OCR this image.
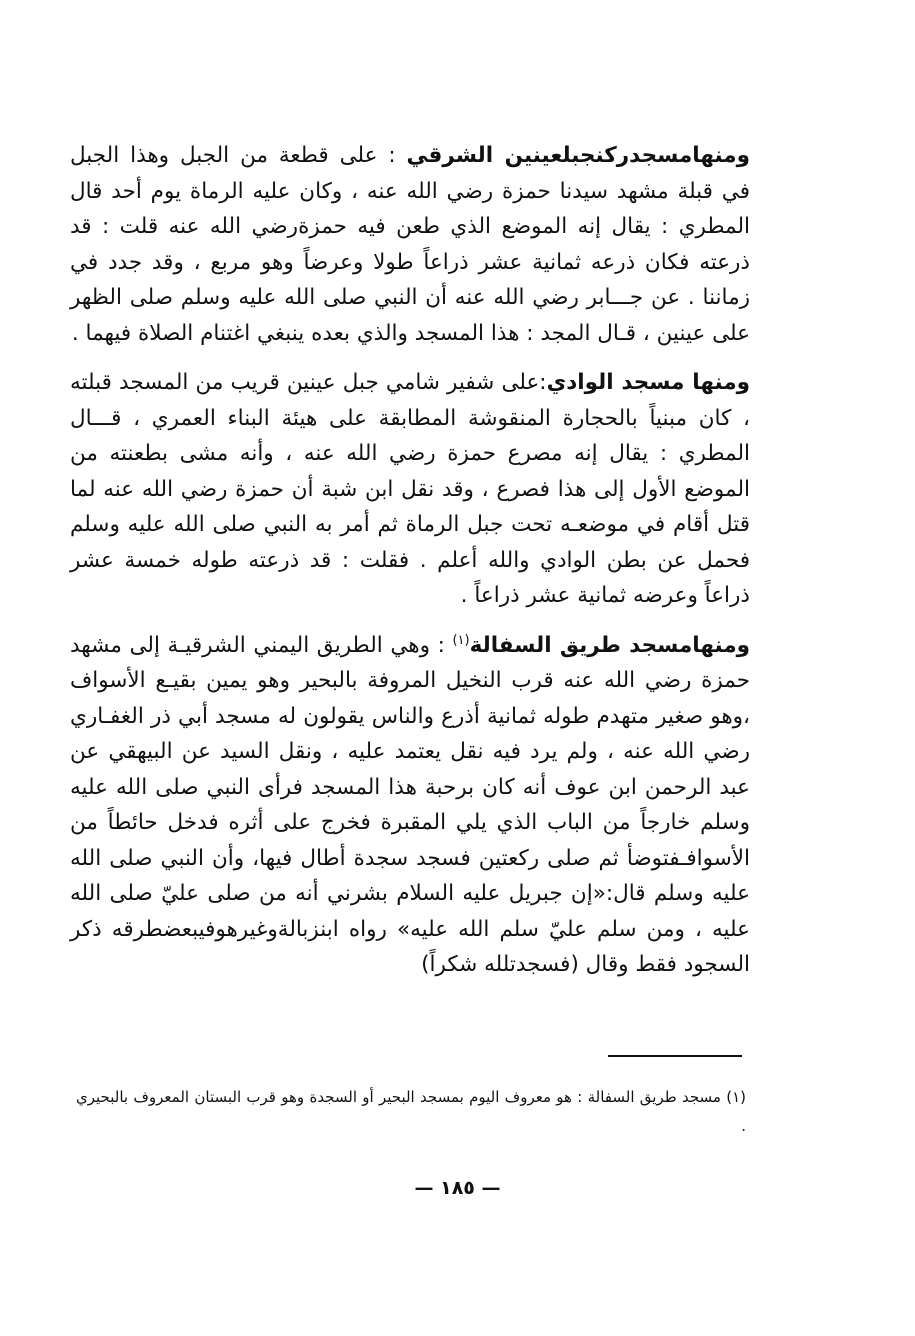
ومنهامسجدركنجبلعينين الشرقي : على قطعة من الجبل وهذا الجبل في قبلة مشهد سيدنا حمزة رضي الله عنه ، وكان عليه الرماة يوم أحد قال المطري : يقال إنه الموضع الذي طعن فيه حمزةرضي الله عنه قلت : قد ذرعته فكان ذرعه ثمانية عشر ذراعاً طولا وعرضاً وهو مربع ، وقد جدد في زماننا . عن جـــابر رضي الله عنه أن النبي صلى الله عليه وسلم صلى الظهر على عينين ، قـال المجد : هذا المسجد والذي بعده ينبغي اغتنام الصلاة فيهما .

ومنها مسجد الوادي:على شفير شامي جبل عينين قريب من المسجد قبلته ، كان مبنياً بالحجارة المنقوشة المطابقة على هيئة البناء العمري ، قـــال المطري : يقال إنه مصرع حمزة رضي الله عنه ، وأنه مشى بطعنته من الموضع الأول إلى هذا فصرع ، وقد نقل ابن شبة أن حمزة رضي الله عنه لما قتل أقام في موضعـه تحت جبل الرماة ثم أمر به النبي صلى الله عليه وسلم فحمل عن بطن الوادي والله أعلم . فقلت : قد ذرعته طوله خمسة عشر ذراعاً وعرضه ثمانية عشر ذراعاً .

ومنهامسجد طريق السفالة$^{(١)}$ : وهي الطريق اليمني الشرقيـة إلى مشهد حمزة رضي الله عنه قرب النخيل المروفة بالبحير وهو يمين بقيـع الأسواف ،وهو صغير متهدم طوله ثمانية أذرع والناس يقولون له مسجد أبي ذر الغفـاري رضي الله عنه ، ولم يرد فيه نقل يعتمد عليه ، ونقل السيد عن البيهقي عن عبد الرحمن ابن عوف أنه كان برحبة هذا المسجد فرأى النبي صلى الله عليه وسلم خارجاً من الباب الذي يلي المقبرة فخرج على أثره فدخل حائطاً من الأسوافـفتوضأ ثم صلى ركعتين فسجد سجدة أطال فيها، وأن النبي صلى الله عليه وسلم قال:«إن جبريل عليه السلام بشرني أنه من صلى عليّ صلى الله عليه ، ومن سلم عليّ سلم الله عليه» رواه ابنزبالةوغيرهوفيبعضطرقه ذكر السجود فقط وقال (فسجدتلله شكراً)

(١) مسجد طريق السفالة : هو معروف اليوم بمسجد البحير أو السجدة وهو قرب البستان المعروف بالبحيري .

— ١٨٥ —
